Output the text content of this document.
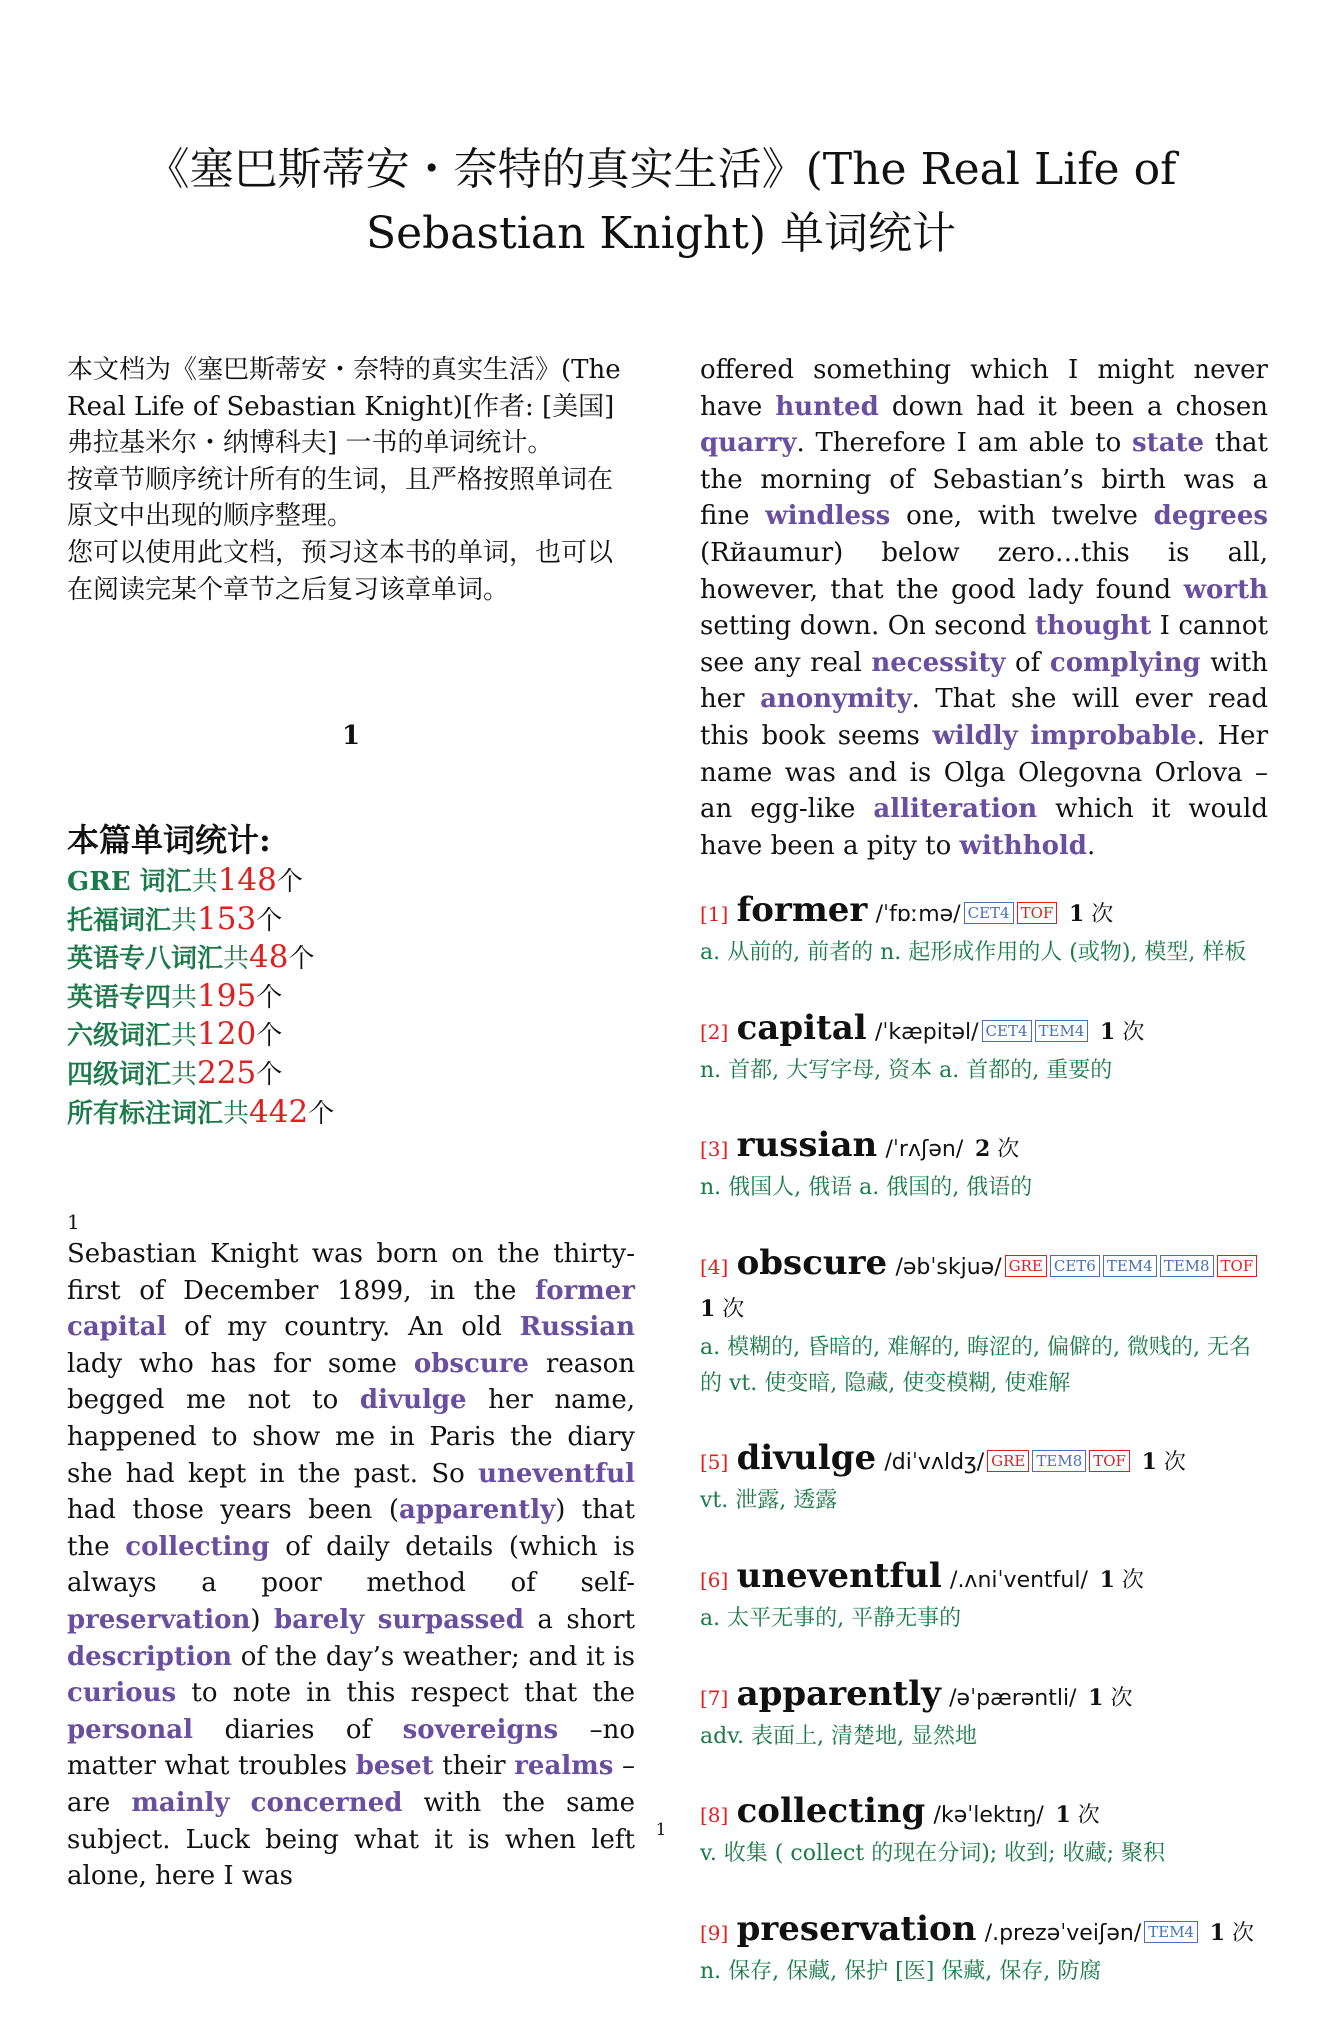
《塞巴斯蒂安・奈特的真实生活》(The Real Life of Sebastian Knight) 单词统计

本文档为《塞巴斯蒂安・奈特的真实生活》(The Real Life of Sebastian Knight)[作者: [美国] 弗拉基米尔・纳博科夫] 一书的单词统计。

按章节顺序统计所有的生词，且严格按照单词在原文中出现的顺序整理。

您可以使用此文档，预习这本书的单词，也可以在阅读完某个章节之后复习该章单词。

1

本篇单词统计:

GRE 词汇共148个
托福词汇共153个
英语专八词汇共48个
英语专四共195个
六级词汇共120个
四级词汇共225个
所有标注词汇共442个

1

Sebastian Knight was born on the thirty-first of December 1899, in the former capital of my country. An old Russian lady who has for some obscure reason begged me not to divulge her name, happened to show me in Paris the diary she had kept in the past. So uneventful had those years been (apparently) that the collecting of daily details (which is always a poor method of self-preservation) barely surpassed a short description of the day’s weather; and it is curious to note in this respect that the personal diaries of sovereigns –no matter what troubles beset their realms –are mainly concerned with the same subject. Luck being what it is when left alone, here I was

offered something which I might never have hunted down had it been a chosen quarry. Therefore I am able to state that the morning of Sebastian’s birth was a fine windless one, with twelve degrees (Rйaumur) below zero…this is all, however, that the good lady found worth setting down. On second thought I cannot see any real necessity of complying with her anonymity. That she will ever read this book seems wildly improbable. Her name was and is Olga Olegovna Orlova –an egg-like alliteration which it would have been a pity to withhold.

[1] former /ˈfɒːmə/ CET4 TOF 1 次
a. 从前的, 前者的 n. 起形成作用的人 (或物), 模型, 样板

[2] capital /ˈkæpitəl/ CET4 TEM4 1 次
n. 首都, 大写字母, 资本 a. 首都的, 重要的

[3] russian /ˈrʌʃən/ 2 次
n. 俄国人, 俄语 a. 俄国的, 俄语的

[4] obscure /əbˈskjuə/ GRE CET6 TEM4 TEM8 TOF 1 次
a. 模糊的, 昏暗的, 难解的, 晦涩的, 偏僻的, 微贱的, 无名的 vt. 使变暗, 隐藏, 使变模糊, 使难解

[5] divulge /diˈvʌldʒ/ GRE TEM8 TOF 1 次
vt. 泄露, 透露

[6] uneventful /.ʌniˈventful/ 1 次
a. 太平无事的, 平静无事的

[7] apparently /əˈpærəntli/ 1 次
adv. 表面上, 清楚地, 显然地

[8] collecting /kəˈlektɪŋ/ 1 次
v. 收集 ( collect 的现在分词); 收到; 收藏; 聚积

[9] preservation /.prezəˈveiʃən/ TEM4 1 次
n. 保存, 保藏, 保护 [医] 保藏, 保存, 防腐

1
